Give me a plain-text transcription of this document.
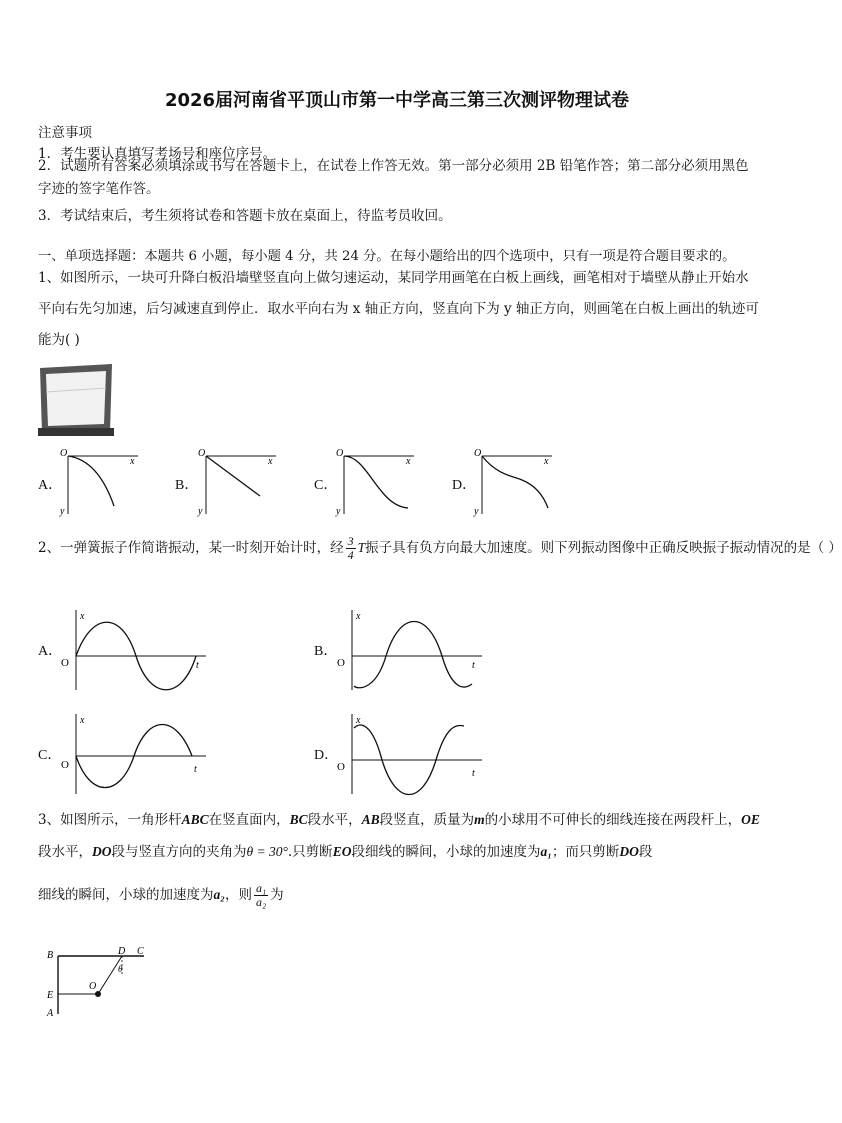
2026届河南省平顶山市第一中学高三第三次测评物理试卷
注意事项
1．考生要认真填写考场号和座位序号。
2．试题所有答案必须填涂或书写在答题卡上，在试卷上作答无效。第一部分必须用 2B 铅笔作答；第二部分必须用黑色字迹的签字笔作答。
3．考试结束后，考生须将试卷和答题卡放在桌面上，待监考员收回。
一、单项选择题：本题共 6 小题，每小题 4 分，共 24 分。在每小题给出的四个选项中，只有一项是符合题目要求的。
1、如图所示，一块可升降白板沿墙壁竖直向上做匀速运动，某同学用画笔在白板上画线，画笔相对于墙壁从静止开始水平向右先匀加速，后匀减速直到停止．取水平向右为 x 轴正方向，竖直向下为 y 轴正方向，则画笔在白板上画出的轨迹可能为( )
A．	B．	C．	D．
O
x
y
O
x
y
O
x
y
O
x
y
2、一弹簧振子作简谐振动，某一时刻开始计时，经 $\frac{3}{4}$ T振子具有负方向最大加速度。则下列振动图像中正确反映振子振动情况的是（ ）
A．	B．
C．	D．
O	t
x
O	t
x
O	t
x
O
t
x
3、如图所示，一角形杆ABC在竖直面内，BC段水平，AB段竖直，质量为m的小球用不可伸长的细线连接在两段杆上，OE段水平，DO段与竖直方向的夹角为θ = 30°.只剪断EO段细线的瞬间，小球的加速度为a₁；而只剪断DO段
细线的瞬间，小球的加速度为a₂，则 $\frac{\text{a₁}}{\text{a₂}}$ 为
B	D C
θ
E
O
A
